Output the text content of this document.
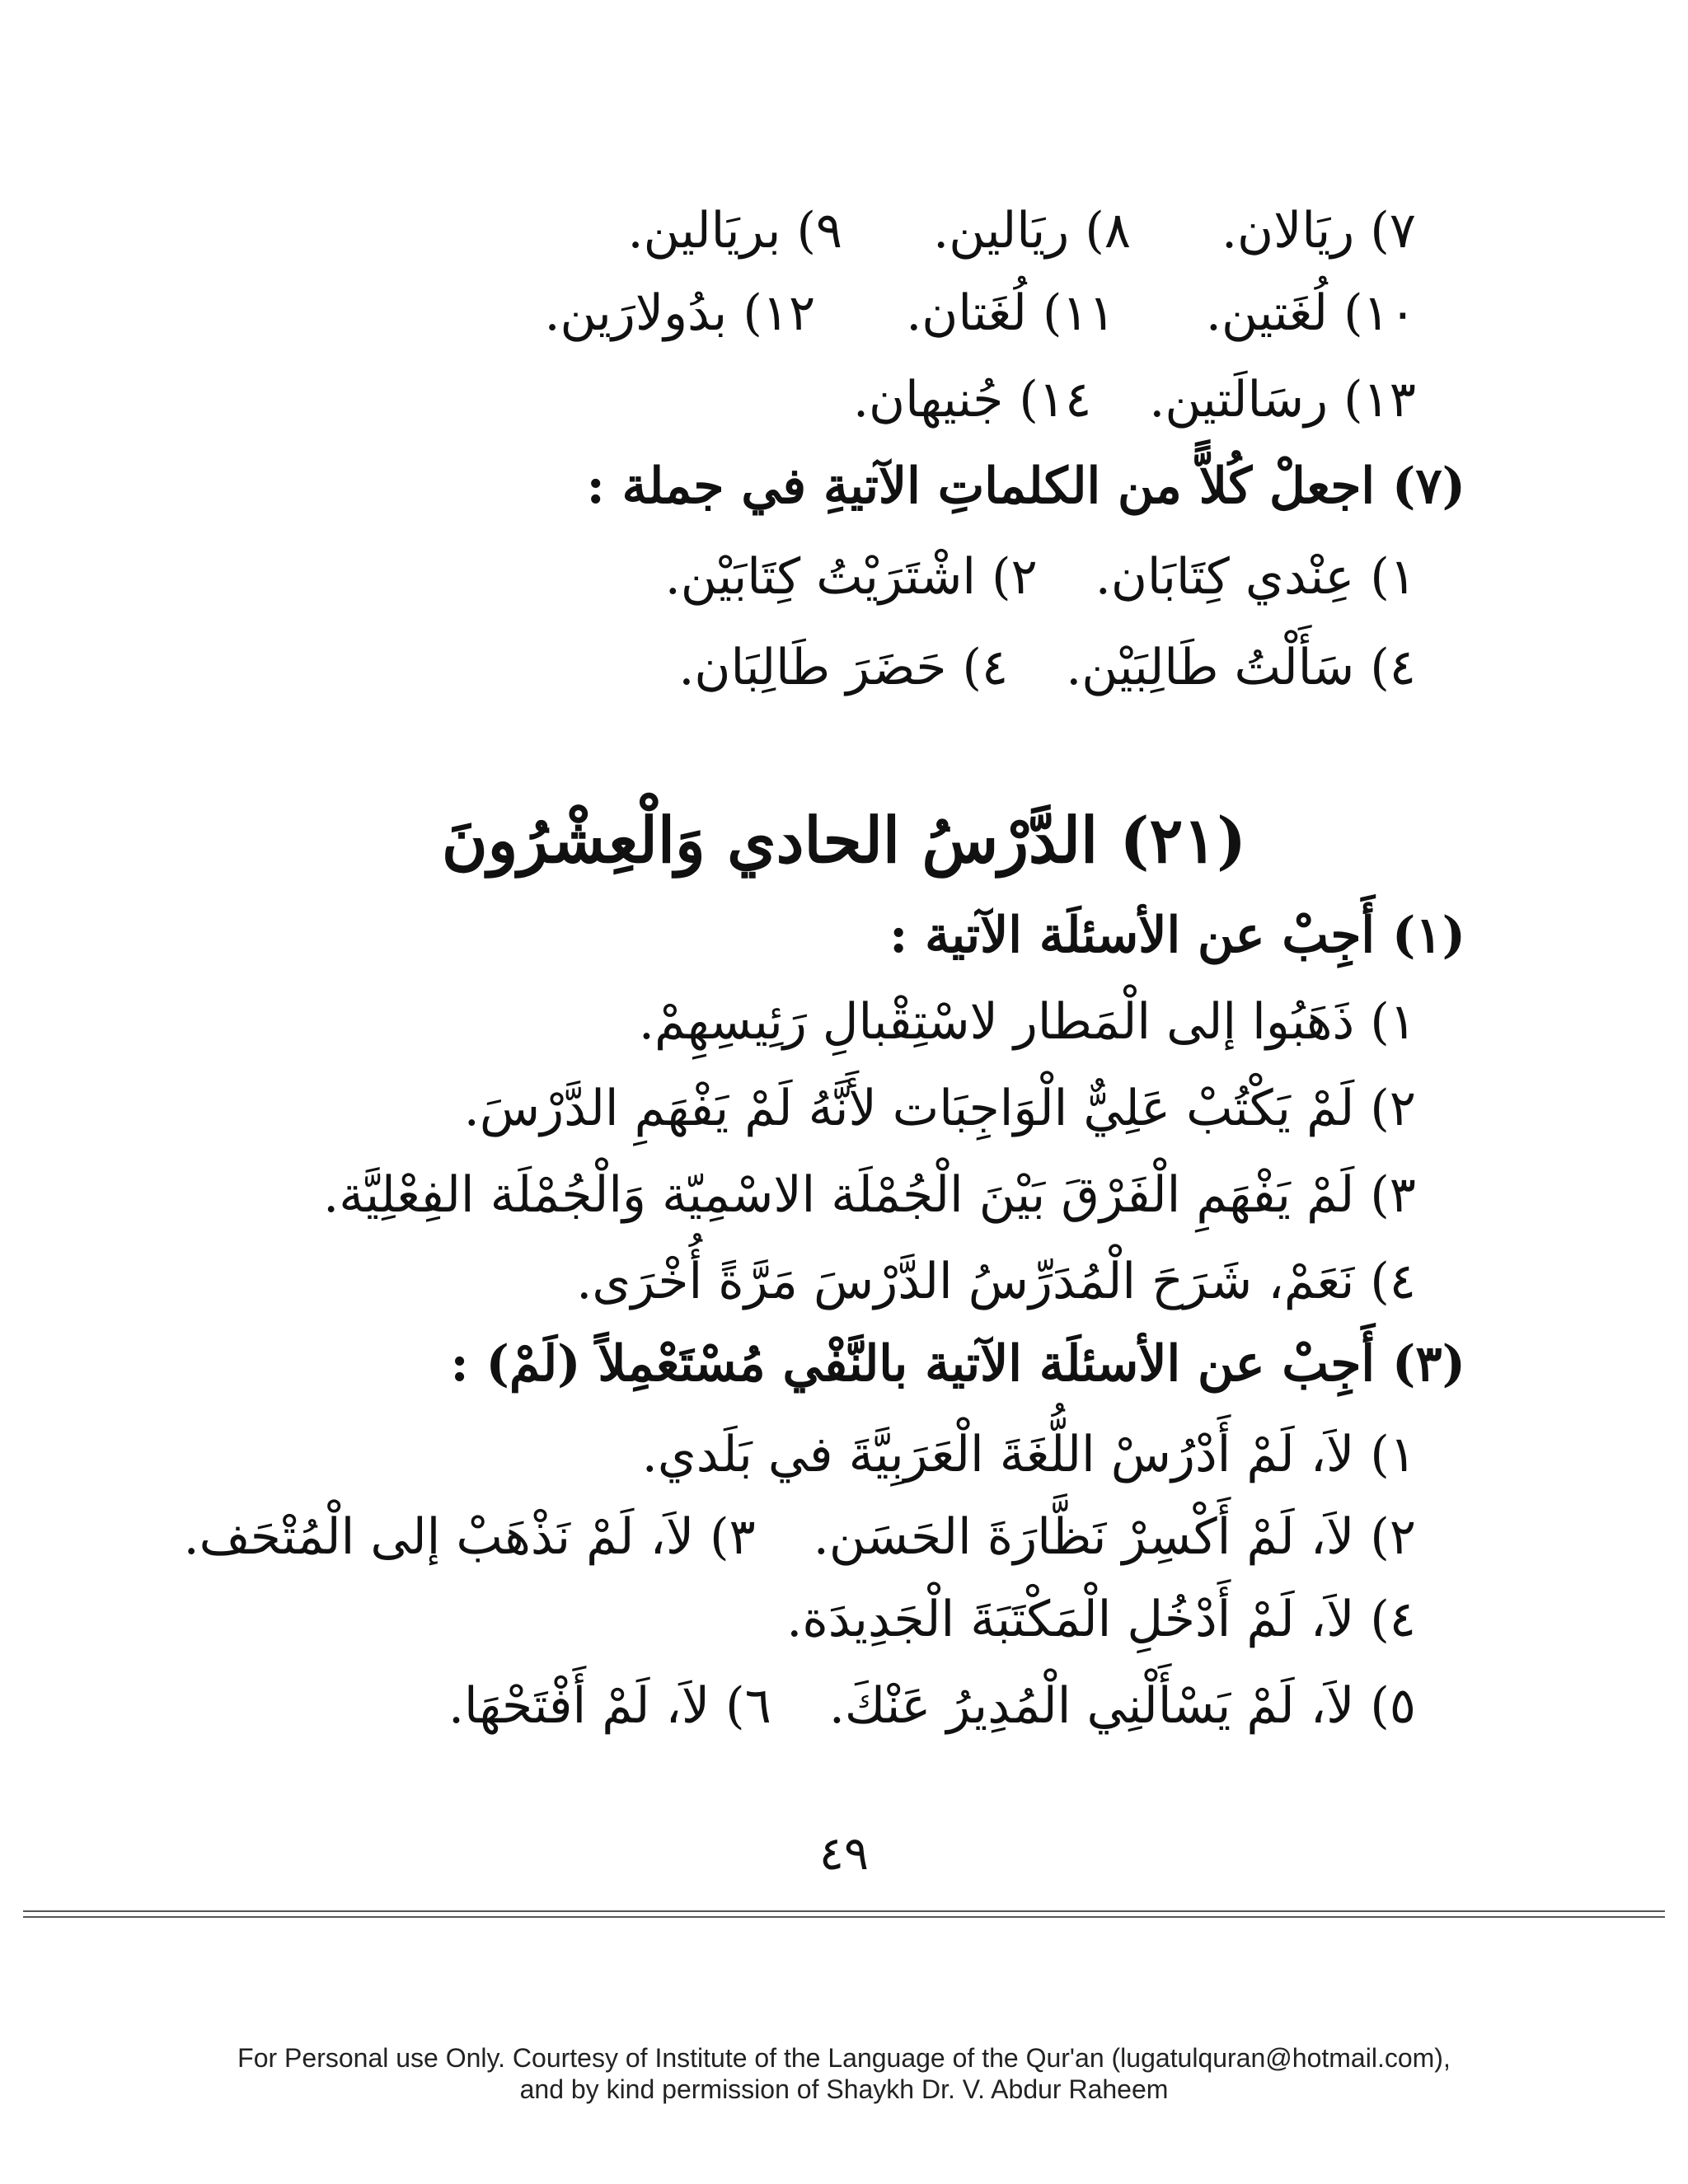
٧) ريَالان.٨) ريَالين.٩) بريَالين.
١٠) لُغَتين.١١) لُغَتان.١٢) بدُولارَين.
١٣) رسَالَتين.١٤) جُنيهان.
(٧) اجعلْ كُلاًّ من الكلماتِ الآتيةِ في جملة :
١) عِنْدي كِتَابَان.٢) اشْتَرَيْتُ كِتَابَيْن.
٤) سَأَلْتُ طَالِبَيْن.٤) حَضَرَ طَالِبَان.
(٢١) الدَّرْسُ الحادي وَالْعِشْرُونَ
(١) أَجِبْ عن الأسئلَة الآتية :
١) ذَهَبُوا إلى الْمَطار لاسْتِقْبالِ رَئِيسِهِمْ.
٢) لَمْ يَكْتُبْ عَلِيٌّ الْوَاجِبَات لأَنَّهُ لَمْ يَفْهَمِ الدَّرْسَ.
٣) لَمْ يَفْهَمِ الْفَرْقَ بَيْنَ الْجُمْلَة الاسْمِيّة وَالْجُمْلَة الفِعْلِيَّة.
٤) نَعَمْ، شَرَحَ الْمُدَرِّسُ الدَّرْسَ مَرَّةً أُخْرَى.
(٣) أَجِبْ عن الأسئلَة الآتية بالنَّفْي مُسْتَعْمِلاً (لَمْ) :
١) لاَ، لَمْ أَدْرُسْ اللُّغَةَ الْعَرَبِيَّةَ في بَلَدي.
٢) لاَ، لَمْ أَكْسِرْ نَظَّارَةَ الحَسَن.٣) لاَ، لَمْ نَذْهَبْ إلى الْمُتْحَف.
٤) لاَ، لَمْ أَدْخُلِ الْمَكْتَبَةَ الْجَدِيدَة.
٥) لاَ، لَمْ يَسْأَلْنِي الْمُدِيرُ عَنْكَ.٦) لاَ، لَمْ أَفْتَحْهَا.
٤٩
For Personal use Only. Courtesy of Institute of the Language of the Qur'an (lugatulquran@hotmail.com),
and by kind permission of Shaykh Dr. V. Abdur Raheem
